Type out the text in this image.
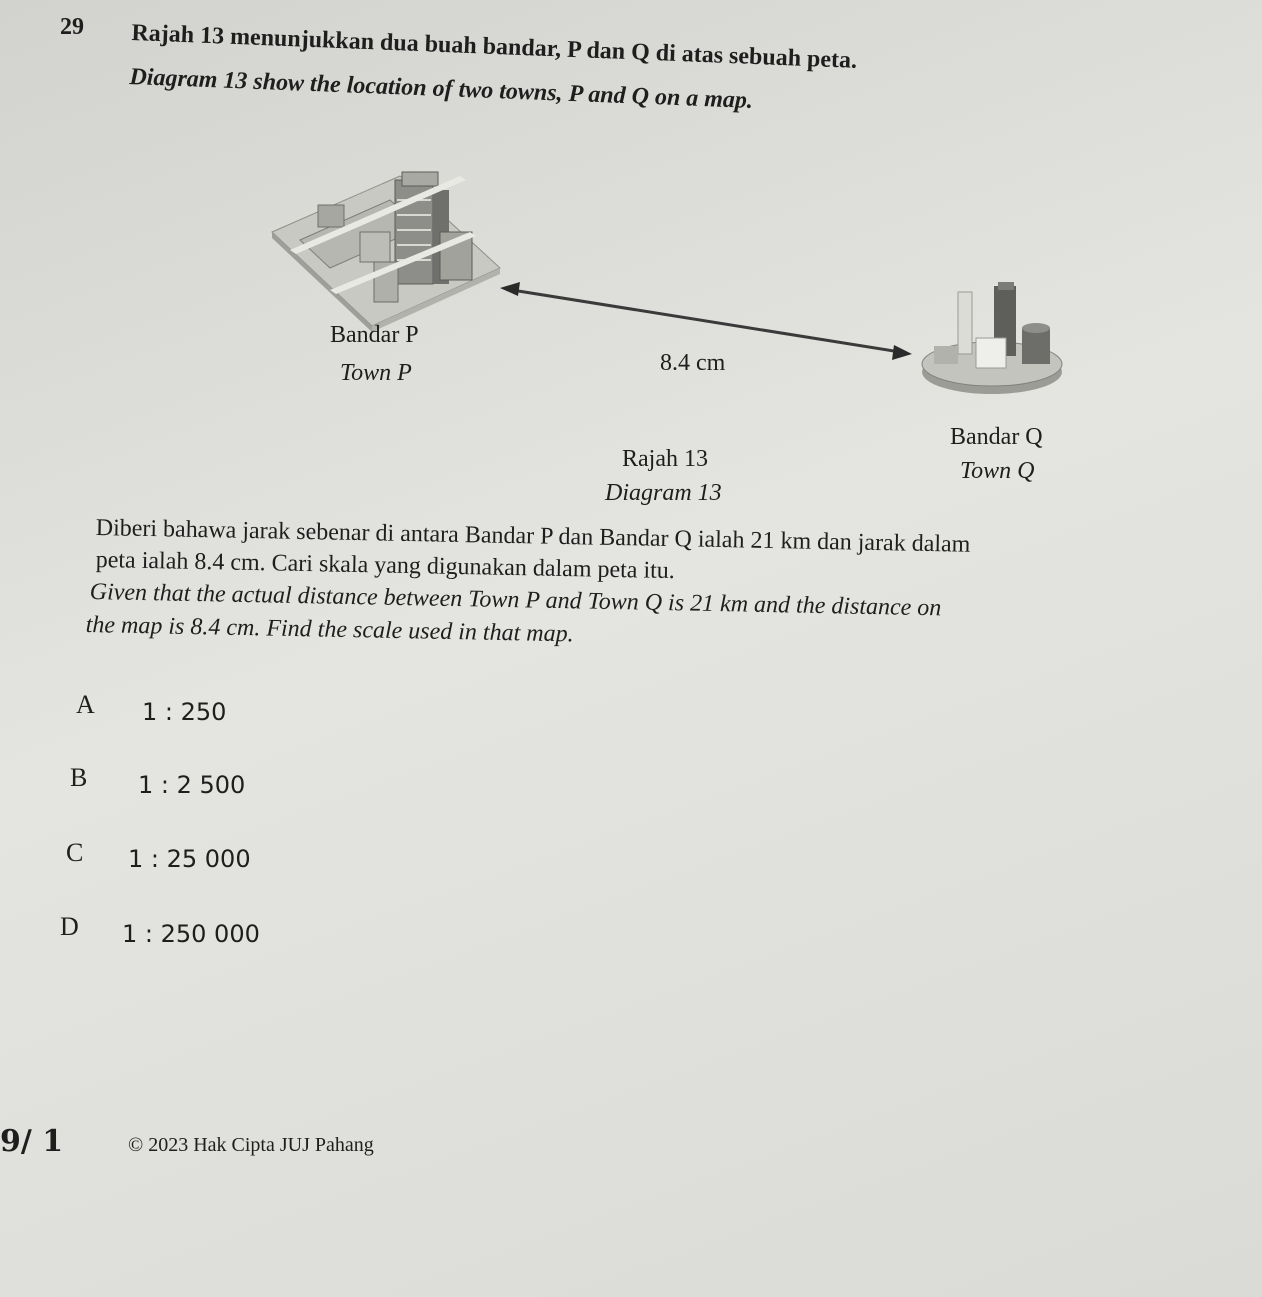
29 Rajah 13 menunjukkan dua buah bandar, P dan Q di atas sebuah peta.
Diagram 13 show the location of two towns, P and Q on a map.
Bandar P
Town P	8.4 cm
Bandar Q
Town Q
Rajah 13
Diagram 13
Diberi bahawa jarak sebenar di antara Bandar P dan Bandar Q ialah 21 km dan jarak dalam
peta ialah 8.4 cm. Cari skala yang digunakan dalam peta itu.
Given that the actual distance between Town P and Town Q is 21 km and the distance on
the map is 8.4 cm. Find the scale used in that map.
A 1 : 250
B 1 : 2 500
C 1 : 25 000
D 1 : 250 000
9/ 1	© 2023 Hak Cipta JUJ Pahang
